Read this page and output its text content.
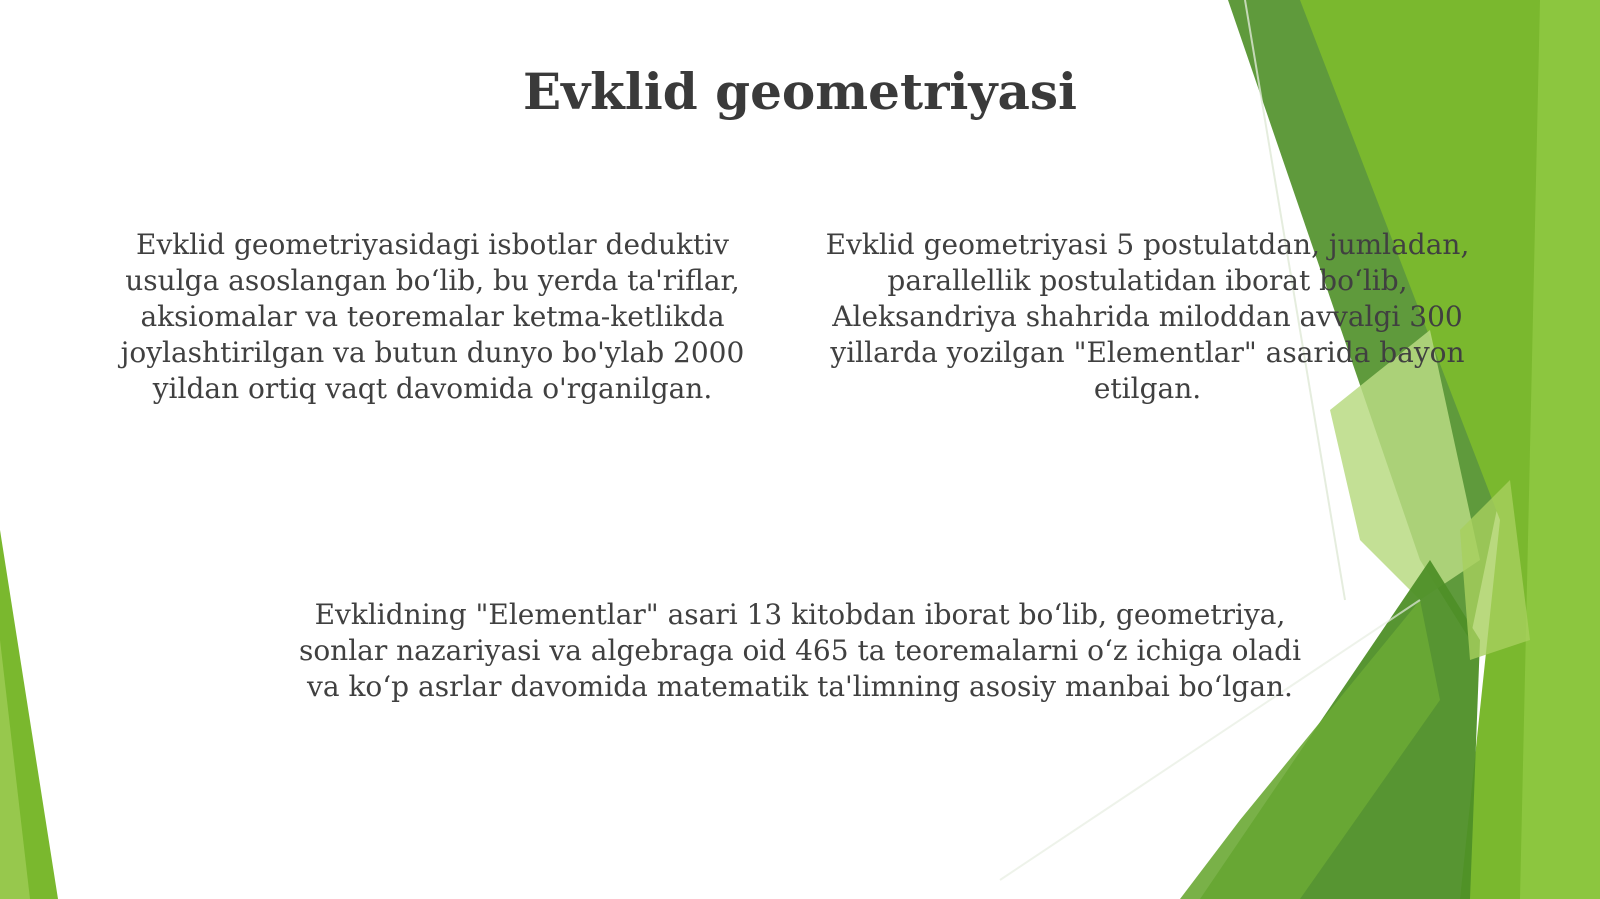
Evklid geometriyasi
Evklid geometriyasidagi isbotlar deduktiv
usulga asoslangan bo‘lib, bu yerda ta'riflar,
aksiomalar va teoremalar ketma-ketlikda
joylashtirilgan va butun dunyo bo'ylab 2000
yildan ortiq vaqt davomida o'rganilgan.
Evklid geometriyasi 5 postulatdan, jumladan,
parallellik postulatidan iborat bo‘lib,
Aleksandriya shahrida miloddan avvalgi 300
yillarda yozilgan "Elementlar" asarida bayon
etilgan.
Evklidning "Elementlar" asari 13 kitobdan iborat bo‘lib, geometriya,
sonlar nazariyasi va algebraga oid 465 ta teoremalarni o‘z ichiga oladi
va ko‘p asrlar davomida matematik ta'limning asosiy manbai bo‘lgan.
